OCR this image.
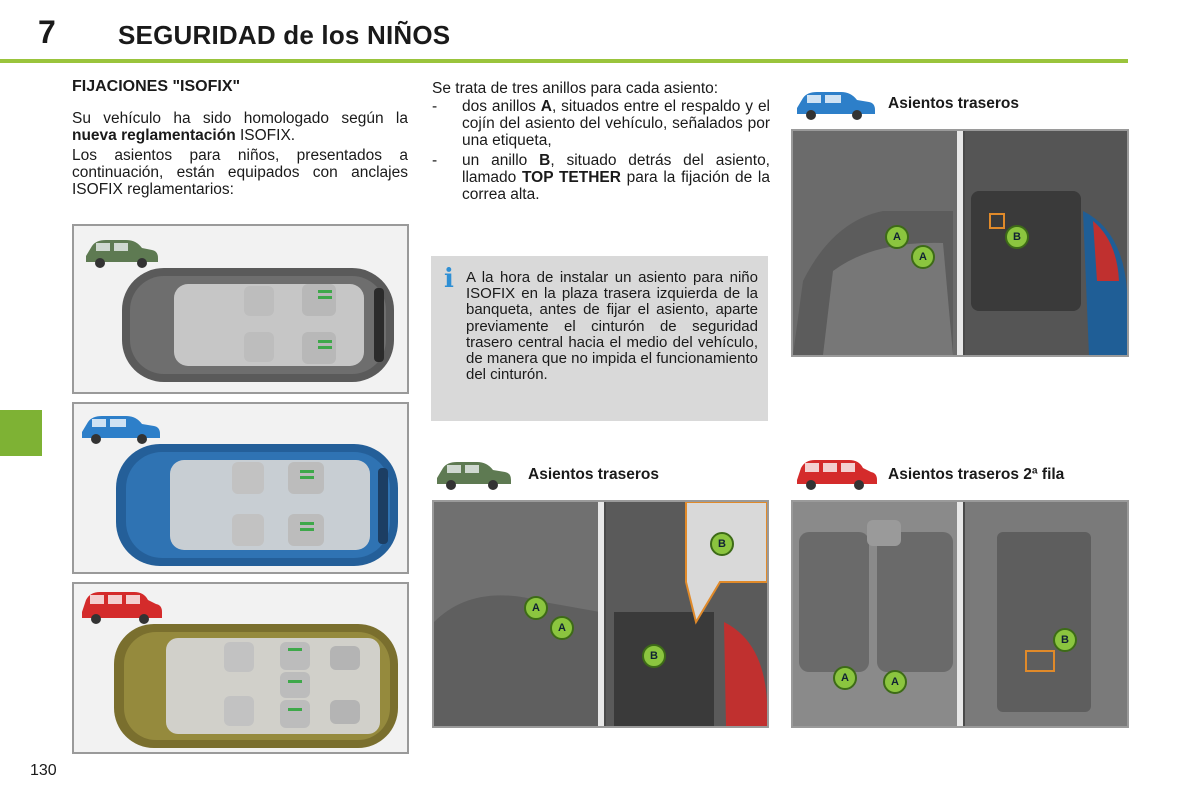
7 SEGURIDAD de los NIÑOS
FIJACIONES "ISOFIX"
Su vehículo ha sido homologado según la nueva reglamentación ISOFIX.
Los asientos para niños, presentados a continuación, están equipados con anclajes ISOFIX reglamentarios:
Se trata de tres anillos para cada asiento:
- dos anillos A, situados entre el respaldo y el cojín del asiento del vehículo, señalados por una etiqueta,
- un anillo B, situado detrás del asiento, llamado TOP TETHER para la fijación de la correa alta.
i A la hora de instalar un asiento para niño ISOFIX en la plaza trasera izquierda de la banqueta, antes de fijar el asiento, aparte previamente el cinturón de seguridad trasero central hacia el medio del vehículo, de manera que no impida el funcionamiento del cinturón.
Asientos traseros
A
A
B
Asientos traseros
A
A
B
B
Asientos traseros 2ª fila
A	A
B
130
